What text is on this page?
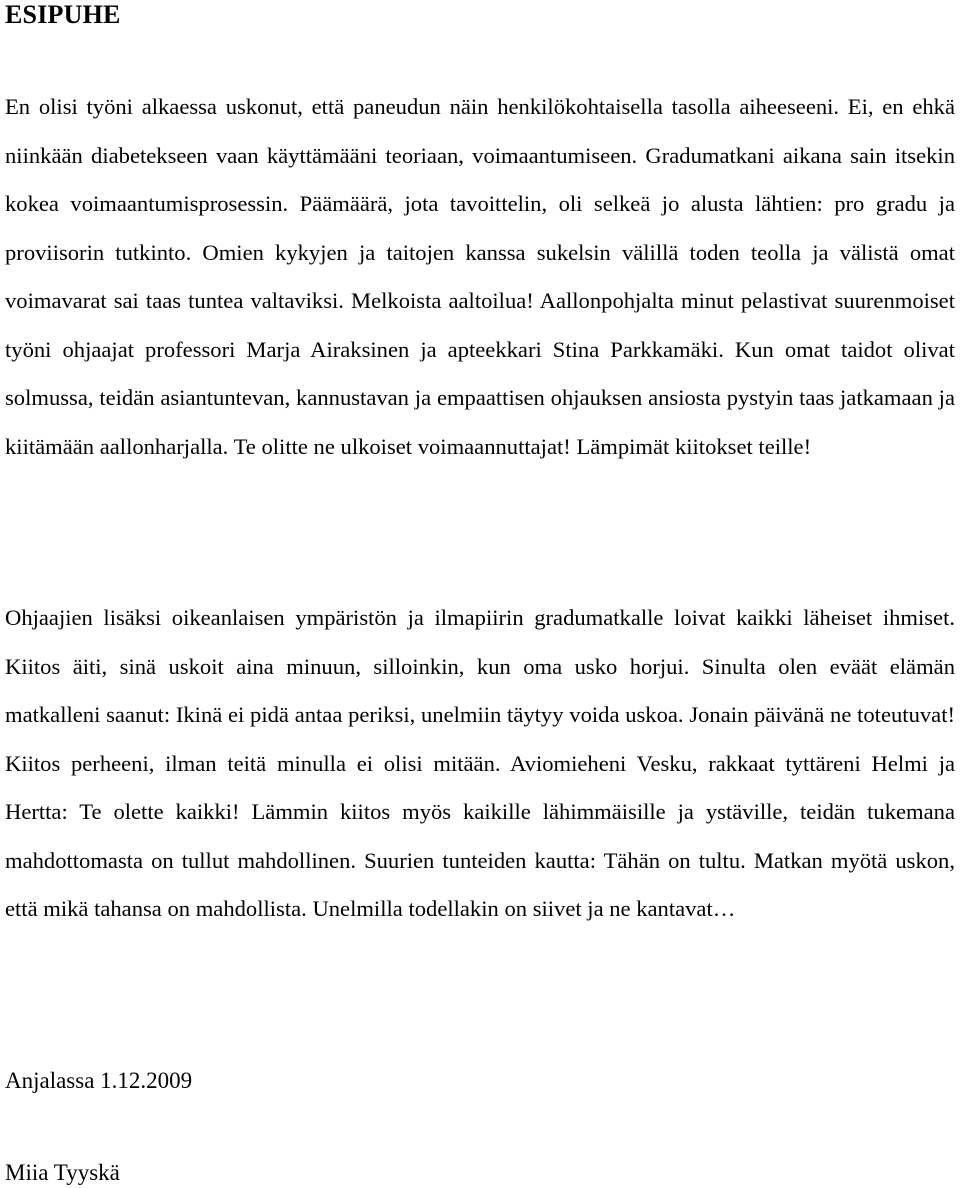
ESIPUHE

En olisi työni alkaessa uskonut, että paneudun näin henkilökohtaisella tasolla aiheeseeni. Ei, en ehkä niinkään diabetekseen vaan käyttämääni teoriaan, voimaantumiseen. Gradumatkani aikana sain itsekin kokea voimaantumisprosessin. Päämäärä, jota tavoittelin, oli selkeä jo alusta lähtien: pro gradu ja proviisorin tutkinto. Omien kykyjen ja taitojen kanssa sukelsin välillä toden teolla ja välistä omat voimavarat sai taas tuntea valtaviksi. Melkoista aaltoilua! Aallonpohjalta minut pelastivat suurenmoiset työni ohjaajat professori Marja Airaksinen ja apteekkari Stina Parkkamäki. Kun omat taidot olivat solmussa, teidän asiantuntevan, kannustavan ja empaattisen ohjauksen ansiosta pystyin taas jatkamaan ja kiitämään aallonharjalla. Te olitte ne ulkoiset voimaannuttajat! Lämpimät kiitokset teille!

Ohjaajien lisäksi oikeanlaisen ympäristön ja ilmapiirin gradumatkalle loivat kaikki läheiset ihmiset. Kiitos äiti, sinä uskoit aina minuun, silloinkin, kun oma usko horjui. Sinulta olen eväät elämän matkalleni saanut: Ikinä ei pidä antaa periksi, unelmiin täytyy voida uskoa. Jonain päivänä ne toteutuvat! Kiitos perheeni, ilman teitä minulla ei olisi mitään. Aviomieheni Vesku, rakkaat tyttäreni Helmi ja Hertta: Te olette kaikki! Lämmin kiitos myös kaikille lähimmäisille ja ystäville, teidän tukemana mahdottomasta on tullut mahdollinen. Suurien tunteiden kautta: Tähän on tultu. Matkan myötä uskon, että mikä tahansa on mahdollista. Unelmilla todellakin on siivet ja ne kantavat…

Anjalassa 1.12.2009

Miia Tyyskä
